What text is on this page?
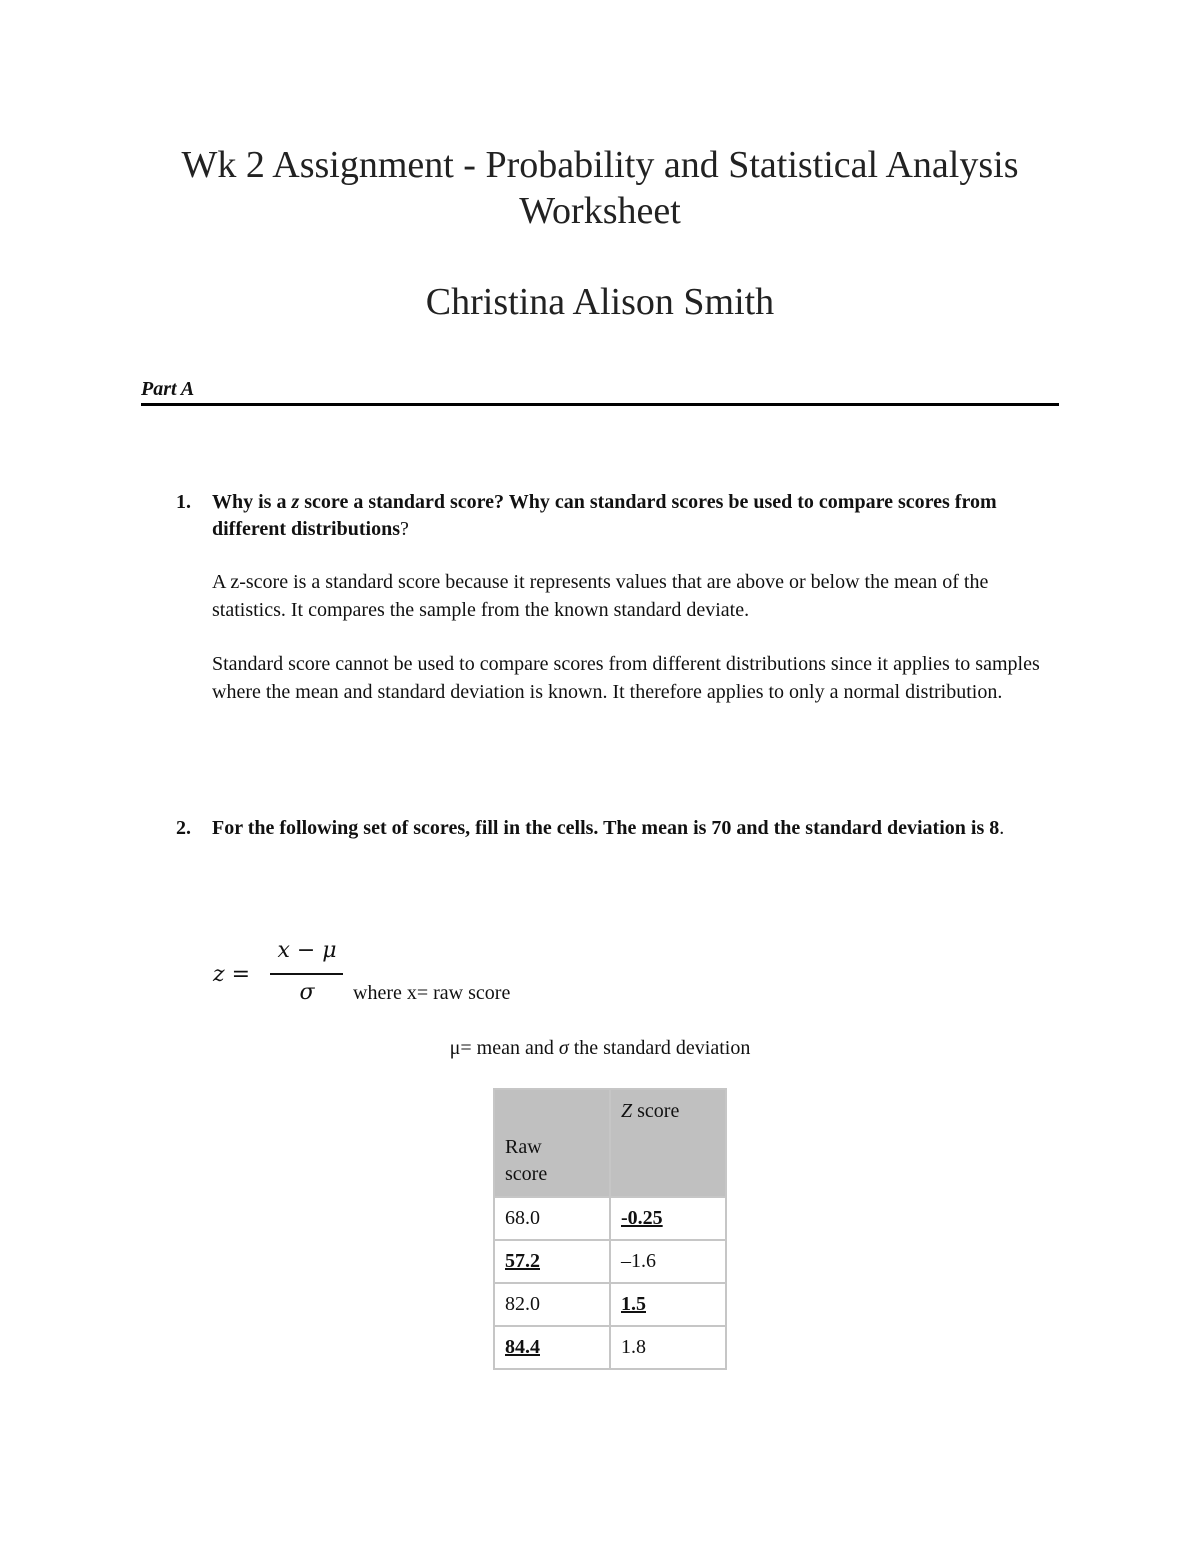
Wk 2 Assignment - Probability and Statistical Analysis
Worksheet
Christina Alison Smith
Part A
1. Why is a z score a standard score? Why can standard scores be used to compare scores from different distributions?
A z-score is a standard score because it represents values that are above or below the mean of the statistics. It compares the sample from the known standard deviate.
Standard score cannot be used to compare scores from different distributions since it applies to samples where the mean and standard deviation is known. It therefore applies to only a normal distribution.
2. For the following set of scores, fill in the cells. The mean is 70 and the standard deviation is 8.
z =
x − μ
σ	where x= raw score
μ= mean and σ the standard deviation
Raw
score	Z score
68.0	-0.25
57.2	–1.6
82.0	1.5
84.4	1.8
